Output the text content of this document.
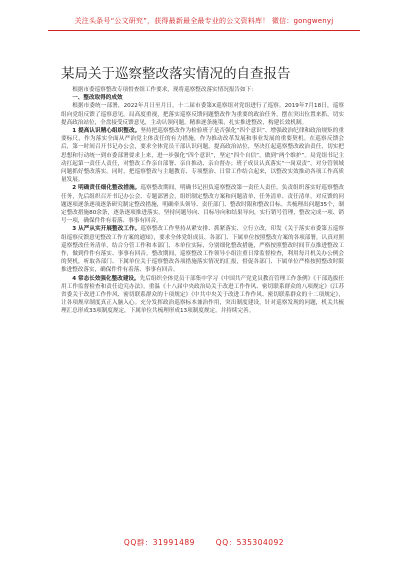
关注头条号“公文研究”，获得最新最全最专业的公文资料库！ 微信：gongwenyj
某局关于巡察整改落实情况的自查报告

根据市委巡察整改专项督查组工作要求，现将巡察整改落实情况报告如下：

一、整改取得的成效

根据市委统一部署，2022年月日至月日，十二届市委第X巡察组对党组进行了巡察。2019年7月18日，巡察组向党组反馈了巡察意见。局高度重视，把落实巡察反馈问题整改作为重要的政治任务，摆在突出位置来抓，切实提高政治站位，全盘接受反馈意见，主动认领问题，精准逐条施策，扎实推进整改，构建长效机制。

1 提高认识精心组织整改。坚持把巡察整改作为检验班子是否强化“四个意识”、增强政治纪律和政治规矩的重要标尺，作为落实全面从严治党主体责任的有力措施，作为推动改革发展和事业发展的重要契机。在巡察反馈会后，第一时间召开书记办公会，要求全体党员干部认识问题，提高政治站位，坚决扛起巡察整改政治责任，切实把思想和行动统一到市委部署要求上来，进一步强化“四个意识”，坚定“四个自信”，做到“两个维护”。局党组书记主动扛起第一责任人责任，对整改工作亲自部署、亲自推动、亲自督办；班子成员认真落实“一岗双责”，对分管领域问题抓好整改落实。同时，把巡察整改与主题教育、专项整治、日常工作结合起来，以整改实效推动各项工作高质量发展。

2 明确责任细化整改措施。巡察整改期间，明确书记担负巡察整改第一责任人责任，负责组织落实好巡察整改任务，先后组织召开书记办公会、专题部署会，组织制定整改方案和问题清单、任务清单、责任清单，对反馈的问题逐项逐条逐项逐条研究制定整改措施，明确牵头领导、责任部门、整改时限和整改目标。共梳理出问题35个，制定整改措施80余条，逐条逐项推进落实。坚持问题导向、目标导向和结果导向，实行销号管理，整改完成一项、销号一项，确保件件有着落、事事有回音。

3 从严从实开展整改工作。巡察整改工作坚持从紧安排、抓紧落实、立行立改，印发《关于落实市委第五巡察组巡察反馈意见整改工作方案的通知》，要求全体党组成员、各部门、下属单位按照整改方案的各项部署，认真对照巡察整改任务清单，结合分管工作和本部门、本单位实际，分别细化整改措施，严格按照整改时间节点推进整改工作，做到件件有落实、事事有回音。整改期间，巡察整改工作领导小组注重日常监督检查，利用每月机关办公例会的契机，听取各部门、下属单位关于巡察整改各项措施落实情况的汇报，督促各部门、下属单位严格按照整改时限推进整改落实，确保件件有着落、事事有回音。

4 常态长效强化整改建设。先后组织全体党员干部集中学习《中国共产党党员教育管理工作条例》《干部选拔任用工作监督检查和责任追究办法》，重温《十八届中央政治局关于改进工作作风、密切联系群众的八项规定》《江苏省委关于改进工作作风、密切联系群众的十项规定》《中共中央关于改进工作作风、密切联系群众的十二项规定》，让各项规章制度真正入脑入心。充分发挥政治巡察标本兼治作用，突出制度建设，针对巡察发现的问题，机关共梳理汇总形成33项制度规定，下属单位共梳理形成13项制度规定，并持续完善。

QQ群：31991489	QQ：535304092
